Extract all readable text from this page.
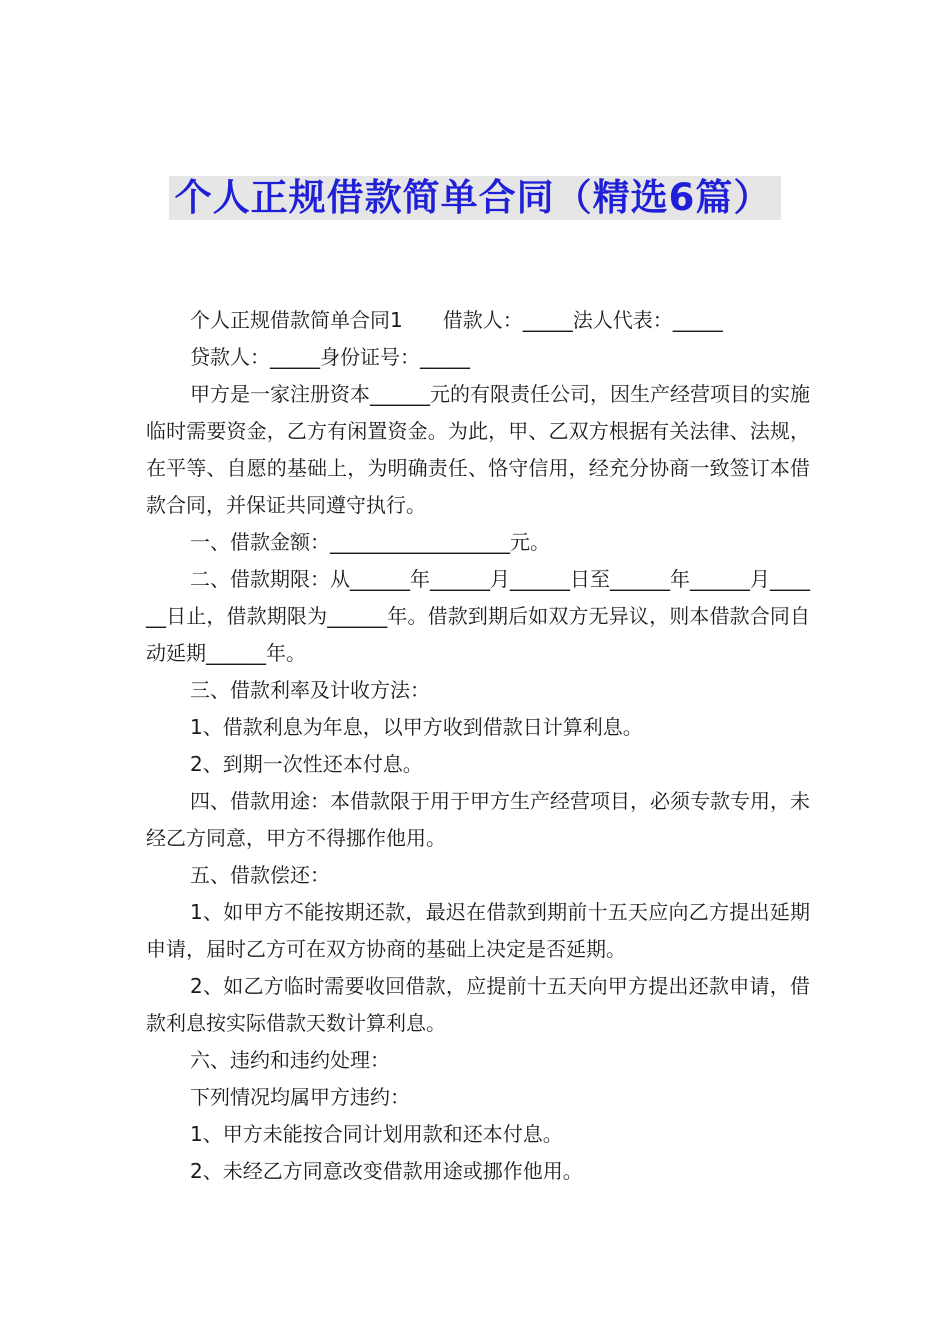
个人正规借款简单合同（精选6篇）

个人正规借款简单合同1　　借款人：_____法人代表：_____

贷款人：_____身份证号：_____

甲方是一家注册资本______元的有限责任公司，因生产经营项目的实施临时需要资金，乙方有闲置资金。为此，甲、乙双方根据有关法律、法规，在平等、自愿的基础上，为明确责任、恪守信用，经充分协商一致签订本借款合同，并保证共同遵守执行。

一、借款金额：__________________元。

二、借款期限：从______年______月______日至______年______月______日止，借款期限为______年。借款到期后如双方无异议，则本借款合同自动延期______年。

三、借款利率及计收方法：

1、借款利息为年息，以甲方收到借款日计算利息。

2、到期一次性还本付息。

四、借款用途：本借款限于用于甲方生产经营项目，必须专款专用，未经乙方同意，甲方不得挪作他用。

五、借款偿还：

1、如甲方不能按期还款，最迟在借款到期前十五天应向乙方提出延期申请，届时乙方可在双方协商的基础上决定是否延期。

2、如乙方临时需要收回借款，应提前十五天向甲方提出还款申请，借款利息按实际借款天数计算利息。

六、违约和违约处理：

下列情况均属甲方违约：

1、甲方未能按合同计划用款和还本付息。

2、未经乙方同意改变借款用途或挪作他用。
